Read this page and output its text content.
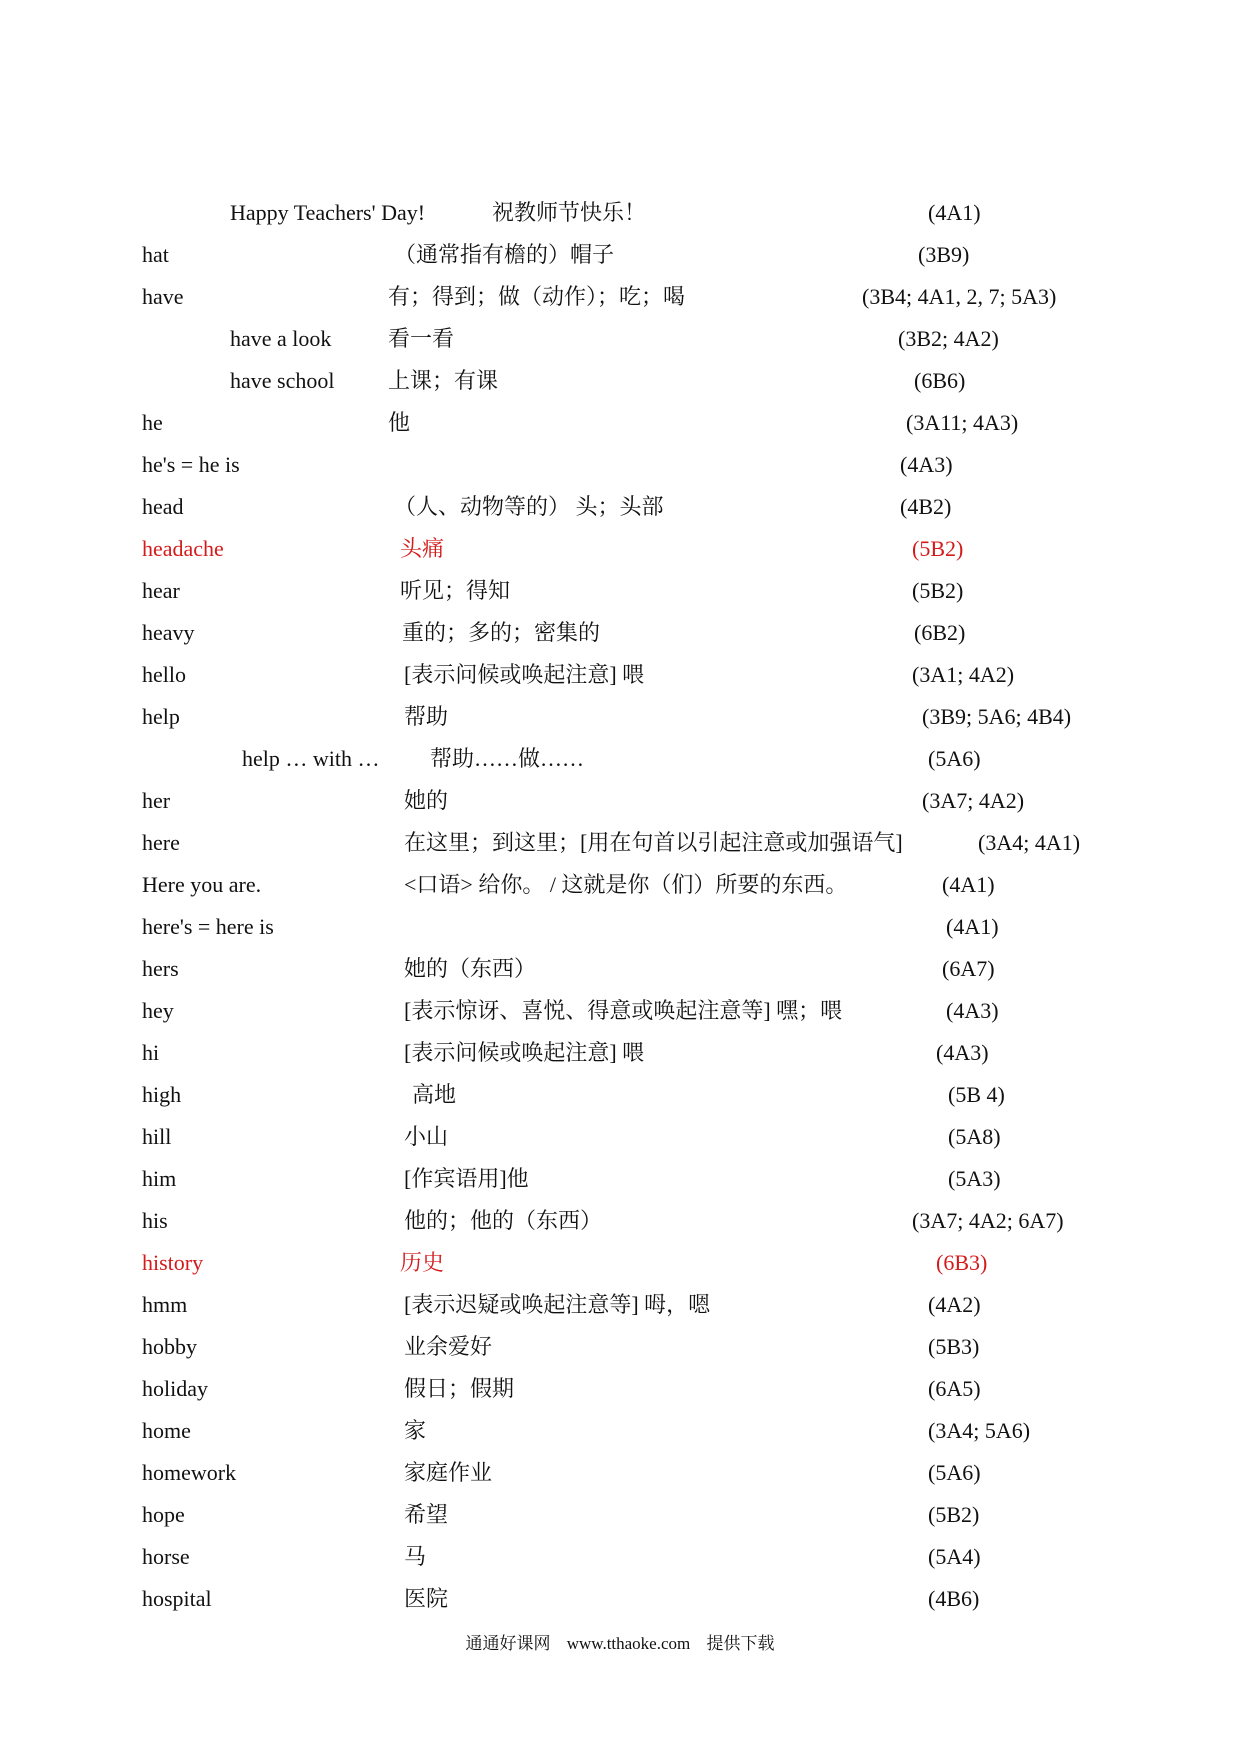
Happy Teachers' Day!	祝教师节快乐！	(4A1)
hat	（通常指有檐的）帽子	(3B9)
have	有；得到；做（动作）；吃；喝	(3B4; 4A1, 2, 7; 5A3)
have a look	看一看	(3B2; 4A2)
have school 上课；有课	(6B6)
he	他	(3A11; 4A3)
he's = he is	(4A3)
head	（人、动物等的） 头；头部	(4B2)
headache	头痛	(5B2)
hear	听见；得知	(5B2)
heavy	重的；多的；密集的	(6B2)
hello	[表示问候或唤起注意] 喂	(3A1; 4A2)
help	帮助	(3B9; 5A6; 4B4)
help … with … 帮助……做……	(5A6)
her	她的	(3A7; 4A2)
here	在这里；到这里；[用在句首以引起注意或加强语气]	(3A4; 4A1)
Here you are.	<口语> 给你。 / 这就是你（们）所要的东西。	(4A1)
here's = here is	(4A1)
hers	她的（东西）	(6A7)
hey	[表示惊讶、喜悦、得意或唤起注意等] 嘿；喂	(4A3)
hi	[表示问候或唤起注意] 喂	(4A3)
high	高地	(5B 4)
hill	小山	(5A8)
him	[作宾语用]他	(5A3)
his	他的；他的（东西）	(3A7; 4A2; 6A7)
history	历史	(6B3)
hmm	[表示迟疑或唤起注意等] 呣，嗯	(4A2)
hobby	业余爱好	(5B3)
holiday	假日；假期	(6A5)
home	家	(3A4; 5A6)
homework	家庭作业	(5A6)
hope	希望	(5B2)
horse	马	(5A4)
hospital	医院	(4B6)
通通好课网 www.tthaoke.com 提供下载
